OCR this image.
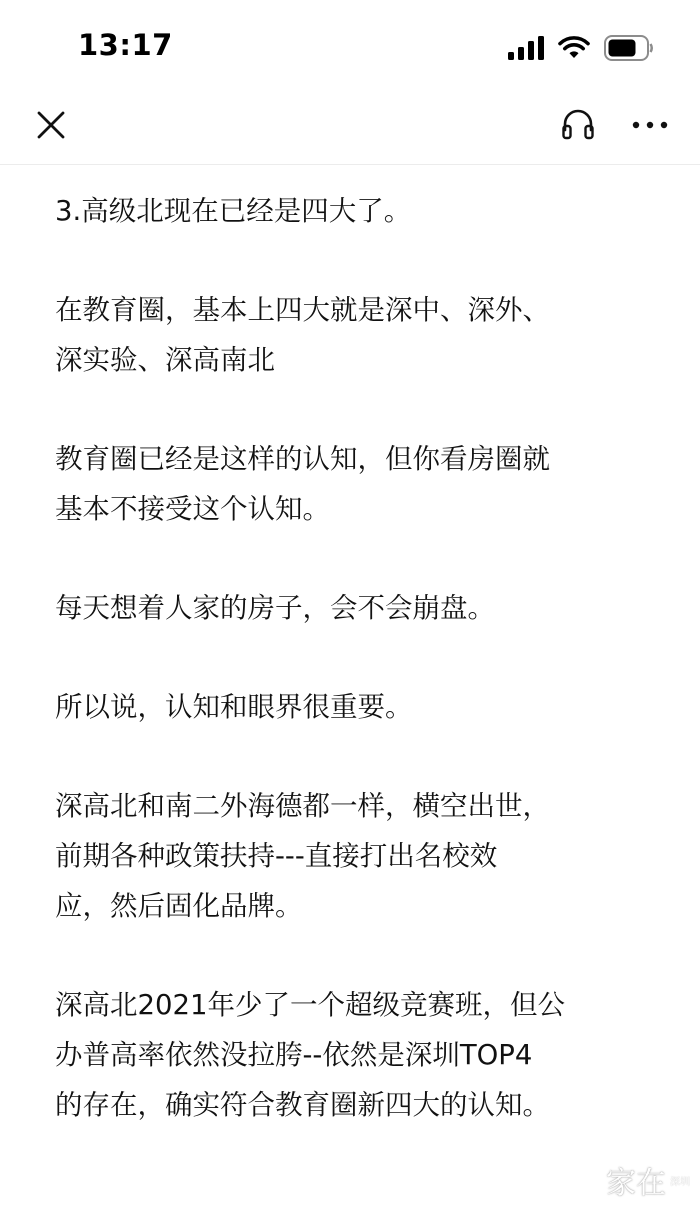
13:17
3.高级北现在已经是四大了。
在教育圈，基本上四大就是深中、深外、
深实验、深高南北
教育圈已经是这样的认知，但你看房圈就
基本不接受这个认知。
每天想着人家的房子，会不会崩盘。
所以说，认知和眼界很重要。
深高北和南二外海德都一样，横空出世，
前期各种政策扶持---直接打出名校效
应，然后固化品牌。
深高北2021年少了一个超级竞赛班，但公
办普高率依然没拉胯--依然是深圳TOP4
的存在，确实符合教育圈新四大的认知。
家在 深圳
